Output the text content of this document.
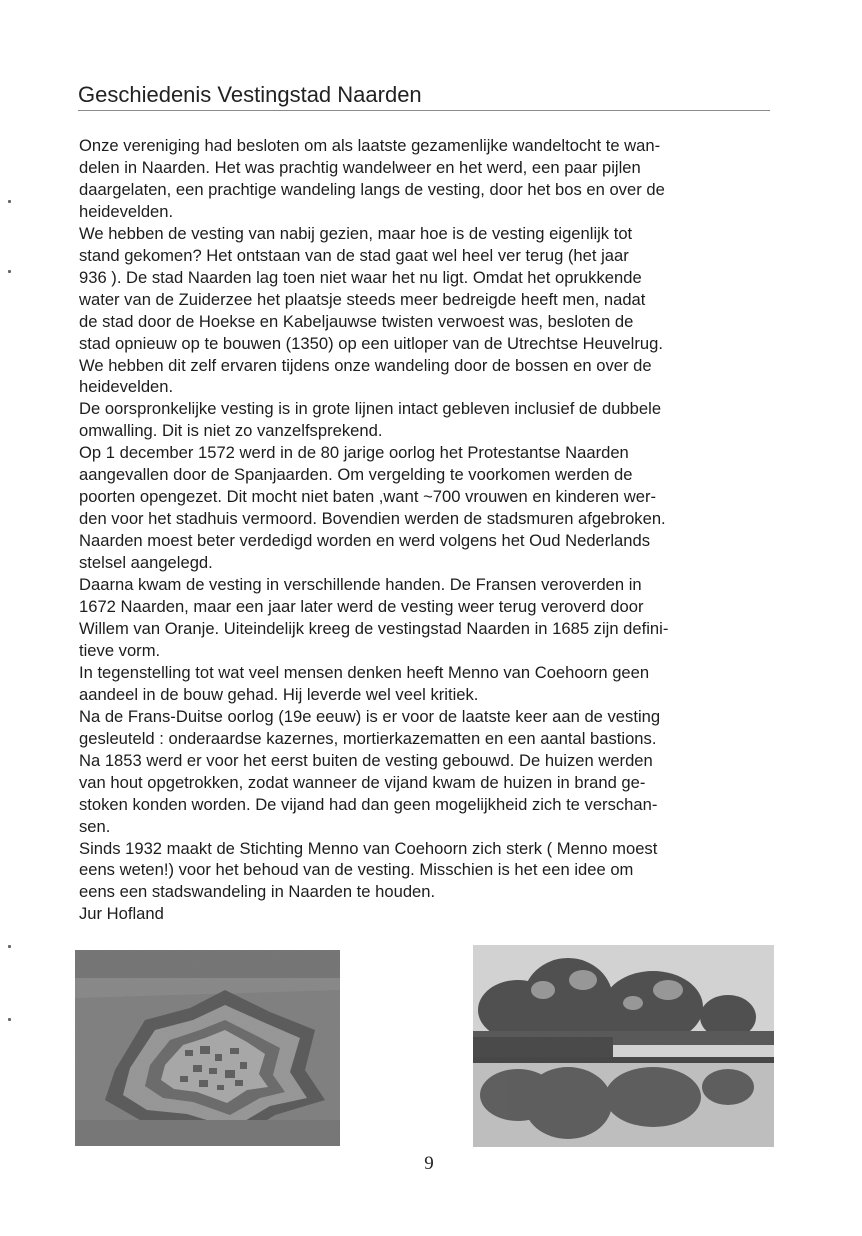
Geschiedenis Vestingstad Naarden
Onze vereniging had besloten om als laatste gezamenlijke wandeltocht te wan-
delen in Naarden. Het was prachtig wandelweer en het werd, een paar pijlen
daargelaten, een prachtige wandeling langs de vesting, door het bos en over de
heidevelden.
We hebben de vesting van nabij gezien, maar hoe is de vesting eigenlijk tot
stand gekomen? Het ontstaan van de stad gaat wel heel ver terug (het jaar
936 ). De stad Naarden lag toen niet waar het nu ligt. Omdat het oprukkende
water van de Zuiderzee het plaatsje steeds meer bedreigde heeft men, nadat
de stad door de Hoekse en Kabeljauwse twisten verwoest was, besloten de
stad opnieuw op te bouwen (1350) op een uitloper van de Utrechtse Heuvelrug.
We hebben dit zelf ervaren tijdens onze wandeling door de bossen en over de
heidevelden.
De oorspronkelijke vesting is in grote lijnen intact gebleven inclusief de dubbele
omwalling. Dit is niet zo vanzelfsprekend.
Op 1 december 1572 werd in de 80 jarige oorlog het Protestantse Naarden
aangevallen door de Spanjaarden. Om vergelding te voorkomen werden de
poorten opengezet. Dit mocht niet baten ,want ~700 vrouwen en kinderen wer-
den voor het stadhuis vermoord. Bovendien werden de stadsmuren afgebroken.
Naarden moest beter verdedigd worden en werd volgens het Oud Nederlands
stelsel aangelegd.
Daarna kwam de vesting in verschillende handen. De Fransen veroverden in
1672 Naarden, maar een jaar later werd de vesting weer terug veroverd door
Willem van Oranje. Uiteindelijk kreeg de vestingstad Naarden in 1685 zijn defini-
tieve vorm.
In tegenstelling tot wat veel mensen denken heeft Menno van Coehoorn geen
aandeel in de bouw gehad. Hij leverde wel veel kritiek.
Na de Frans-Duitse oorlog (19e eeuw) is er voor de laatste keer aan de vesting
gesleuteld : onderaardse kazernes, mortierkazematten en een aantal bastions.
Na 1853 werd er voor het eerst buiten de vesting gebouwd. De huizen werden
van hout opgetrokken, zodat wanneer de vijand kwam de huizen in brand ge-
stoken konden worden. De vijand had dan geen mogelijkheid zich te verschan-
sen.
Sinds 1932 maakt de Stichting Menno van Coehoorn zich sterk ( Menno moest
eens weten!) voor het behoud van de vesting. Misschien is het een idee om
eens een stadswandeling in Naarden te houden.
Jur Hofland
9
